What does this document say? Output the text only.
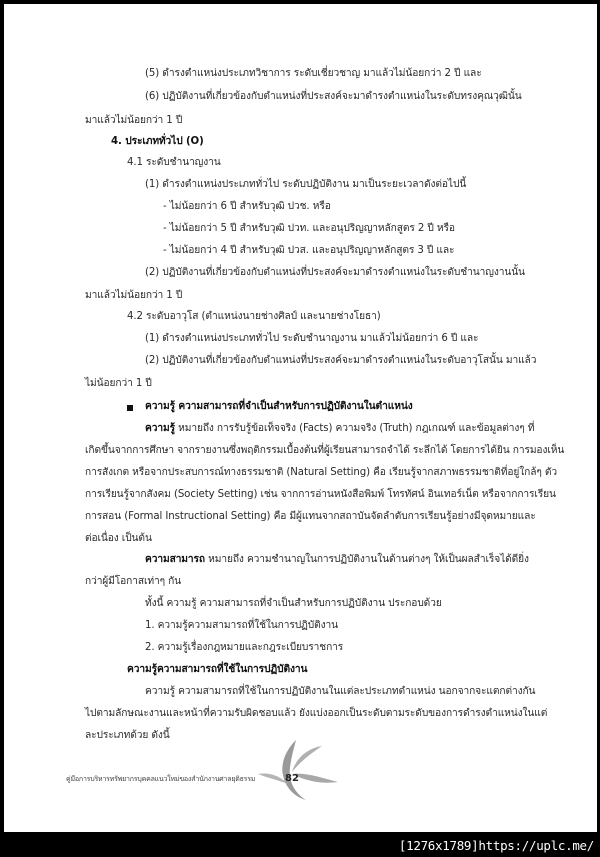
(5) ดำรงตำแหน่งประเภทวิชาการ ระดับเชี่ยวชาญ มาแล้วไม่น้อยกว่า 2 ปี และ
(6) ปฏิบัติงานที่เกี่ยวข้องกับตำแหน่งที่ประสงค์จะมาดำรงตำแหน่งในระดับทรงคุณวุฒินั้น
มาแล้วไม่น้อยกว่า 1 ปี
4. ประเภททั่วไป (O)
4.1 ระดับชำนาญงาน
(1) ดำรงตำแหน่งประเภททั่วไป ระดับปฏิบัติงาน มาเป็นระยะเวลาดังต่อไปนี้
- ไม่น้อยกว่า 6 ปี สำหรับวุฒิ ปวช. หรือ
- ไม่น้อยกว่า 5 ปี สำหรับวุฒิ ปวท. และอนุปริญญาหลักสูตร 2 ปี หรือ
- ไม่น้อยกว่า 4 ปี สำหรับวุฒิ ปวส. และอนุปริญญาหลักสูตร 3 ปี และ
(2) ปฏิบัติงานที่เกี่ยวข้องกับตำแหน่งที่ประสงค์จะมาดำรงตำแหน่งในระดับชำนาญงานนั้น
มาแล้วไม่น้อยกว่า 1 ปี
4.2 ระดับอาวุโส (ตำแหน่งนายช่างศิลป์ และนายช่างโยธา)
(1) ดำรงตำแหน่งประเภททั่วไป ระดับชำนาญงาน มาแล้วไม่น้อยกว่า 6 ปี และ
(2) ปฏิบัติงานที่เกี่ยวข้องกับตำแหน่งที่ประสงค์จะมาดำรงตำแหน่งในระดับอาวุโสนั้น มาแล้ว
ไม่น้อยกว่า 1 ปี
ความรู้ ความสามารถที่จำเป็นสำหรับการปฏิบัติงานในตำแหน่ง
ความรู้ หมายถึง การรับรู้ข้อเท็จจริง (Facts) ความจริง (Truth) กฎเกณฑ์ และข้อมูลต่างๆ ที่
เกิดขึ้นจากการศึกษา จากรายงานซึ่งพฤติกรรมเบื้องต้นที่ผู้เรียนสามารถจำได้ ระลึกได้ โดยการได้ยิน การมองเห็น
การสังเกต หรือจากประสบการณ์ทางธรรมชาติ (Natural Setting) คือ เรียนรู้จากสภาพธรรมชาติที่อยู่ใกล้ๆ ตัว
การเรียนรู้จากสังคม (Society Setting) เช่น จากการอ่านหนังสือพิมพ์ โทรทัศน์ อินเทอร์เน็ต หรือจากการเรียน
การสอน (Formal Instructional Setting) คือ มีผู้แทนจากสถาบันจัดลำดับการเรียนรู้อย่างมีจุดหมายและ
ต่อเนื่อง เป็นต้น
ความสามารถ หมายถึง ความชำนาญในการปฏิบัติงานในด้านต่างๆ ให้เป็นผลสำเร็จได้ดียิ่ง
กว่าผู้มีโอกาสเท่าๆ กัน
ทั้งนี้ ความรู้ ความสามารถที่จำเป็นสำหรับการปฏิบัติงาน ประกอบด้วย
1. ความรู้ความสามารถที่ใช้ในการปฏิบัติงาน
2. ความรู้เรื่องกฎหมายและกฎระเบียบราชการ
ความรู้ความสามารถที่ใช้ในการปฏิบัติงาน
ความรู้ ความสามารถที่ใช้ในการปฏิบัติงานในแต่ละประเภทตำแหน่ง นอกจากจะแตกต่างกัน
ไปตามลักษณะงานและหน้าที่ความรับผิดชอบแล้ว ยังแบ่งออกเป็นระดับตามระดับของการดำรงตำแหน่งในแต่
ละประเภทด้วย ดังนี้
คู่มือการบริหารทรัพยากรบุคคลแนวใหม่ของสำนักงานศาลยุติธรรม	82
[1276x1789]https://uplc.me/
